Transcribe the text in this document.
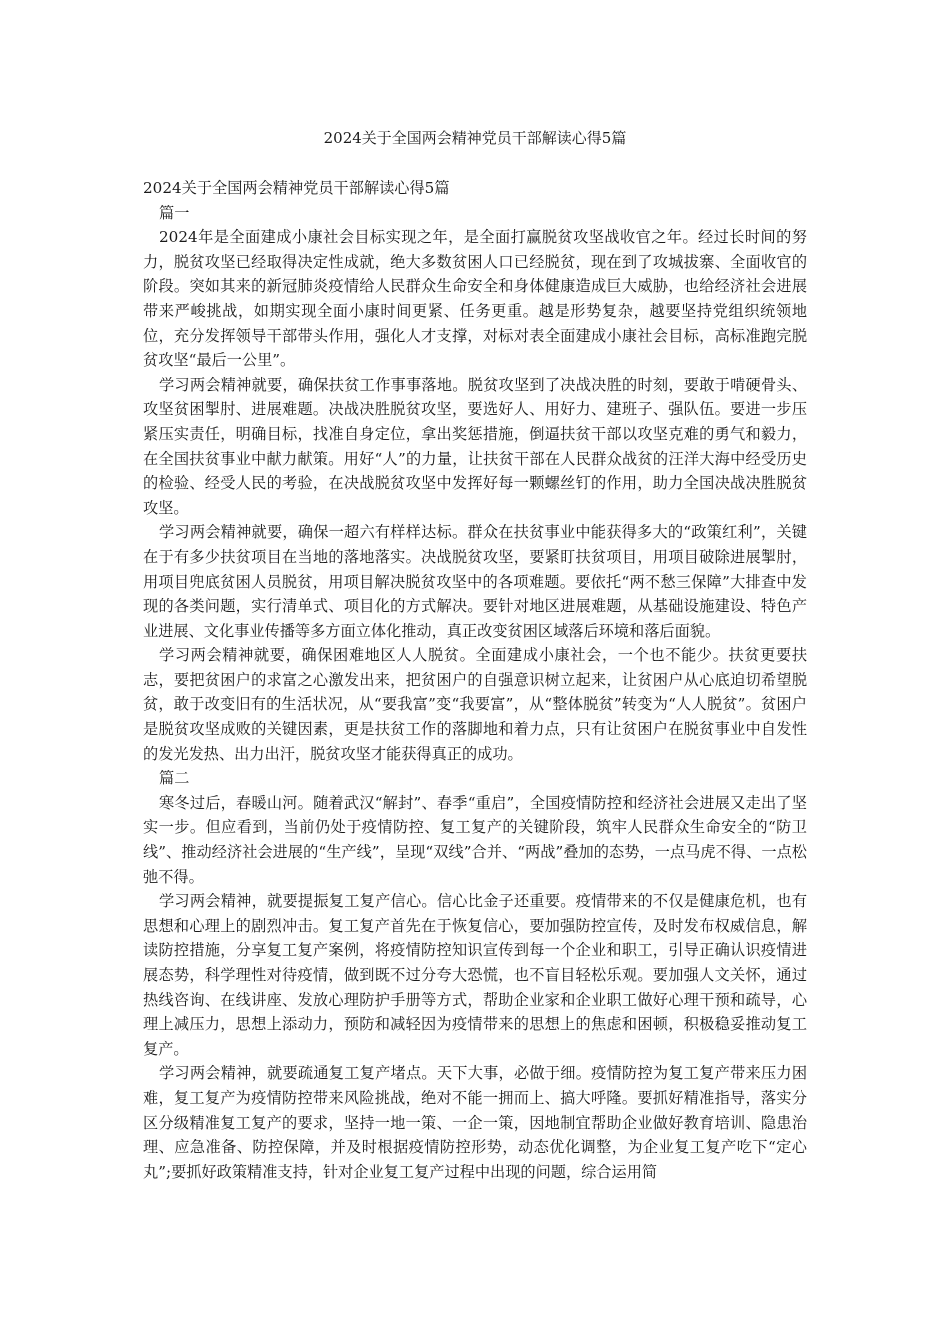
2024关于全国两会精神党员干部解读心得5篇

2024关于全国两会精神党员干部解读心得5篇

篇一

2024年是全面建成小康社会目标实现之年，是全面打赢脱贫攻坚战收官之年。经过长时间的努力，脱贫攻坚已经取得决定性成就，绝大多数贫困人口已经脱贫，现在到了攻城拔寨、全面收官的阶段。突如其来的新冠肺炎疫情给人民群众生命安全和身体健康造成巨大威胁，也给经济社会进展带来严峻挑战，如期实现全面小康时间更紧、任务更重。越是形势复杂，越要坚持党组织统领地位，充分发挥领导干部带头作用，强化人才支撑，对标对表全面建成小康社会目标，高标准跑完脱贫攻坚“最后一公里”。

学习两会精神就要，确保扶贫工作事事落地。脱贫攻坚到了决战决胜的时刻，要敢于啃硬骨头、攻坚贫困掣肘、进展难题。决战决胜脱贫攻坚，要选好人、用好力、建班子、强队伍。要进一步压紧压实责任，明确目标，找准自身定位，拿出奖惩措施，倒逼扶贫干部以攻坚克难的勇气和毅力，在全国扶贫事业中献力献策。用好“人”的力量，让扶贫干部在人民群众战贫的汪洋大海中经受历史的检验、经受人民的考验，在决战脱贫攻坚中发挥好每一颗螺丝钉的作用，助力全国决战决胜脱贫攻坚。

学习两会精神就要，确保一超六有样样达标。群众在扶贫事业中能获得多大的“政策红利”，关键在于有多少扶贫项目在当地的落地落实。决战脱贫攻坚，要紧盯扶贫项目，用项目破除进展掣肘，用项目兜底贫困人员脱贫，用项目解决脱贫攻坚中的各项难题。要依托“两不愁三保障”大排查中发现的各类问题，实行清单式、项目化的方式解决。要针对地区进展难题，从基础设施建设、特色产业进展、文化事业传播等多方面立体化推动，真正改变贫困区域落后环境和落后面貌。

学习两会精神就要，确保困难地区人人脱贫。全面建成小康社会，一个也不能少。扶贫更要扶志，要把贫困户的求富之心激发出来，把贫困户的自强意识树立起来，让贫困户从心底迫切希望脱贫，敢于改变旧有的生活状况，从“要我富”变“我要富”，从“整体脱贫”转变为“人人脱贫”。贫困户是脱贫攻坚成败的关键因素，更是扶贫工作的落脚地和着力点，只有让贫困户在脱贫事业中自发性的发光发热、出力出汗，脱贫攻坚才能获得真正的成功。

篇二

寒冬过后，春暖山河。随着武汉“解封”、春季“重启”，全国疫情防控和经济社会进展又走出了坚实一步。但应看到，当前仍处于疫情防控、复工复产的关键阶段，筑牢人民群众生命安全的“防卫线”、推动经济社会进展的“生产线”，呈现“双线”合并、“两战”叠加的态势，一点马虎不得、一点松弛不得。

学习两会精神，就要提振复工复产信心。信心比金子还重要。疫情带来的不仅是健康危机，也有思想和心理上的剧烈冲击。复工复产首先在于恢复信心，要加强防控宣传，及时发布权威信息，解读防控措施，分享复工复产案例，将疫情防控知识宣传到每一个企业和职工，引导正确认识疫情进展态势，科学理性对待疫情，做到既不过分夸大恐慌，也不盲目轻松乐观。要加强人文关怀，通过热线咨询、在线讲座、发放心理防护手册等方式，帮助企业家和企业职工做好心理干预和疏导，心理上减压力，思想上添动力，预防和减轻因为疫情带来的思想上的焦虑和困顿，积极稳妥推动复工复产。

学习两会精神，就要疏通复工复产堵点。天下大事，必做于细。疫情防控为复工复产带来压力困难，复工复产为疫情防控带来风险挑战，绝对不能一拥而上、搞大呼隆。要抓好精准指导，落实分区分级精准复工复产的要求，坚持一地一策、一企一策，因地制宜帮助企业做好教育培训、隐患治理、应急准备、防控保障，并及时根据疫情防控形势，动态优化调整，为企业复工复产吃下“定心丸”;要抓好政策精准支持，针对企业复工复产过程中出现的问题，综合运用简
